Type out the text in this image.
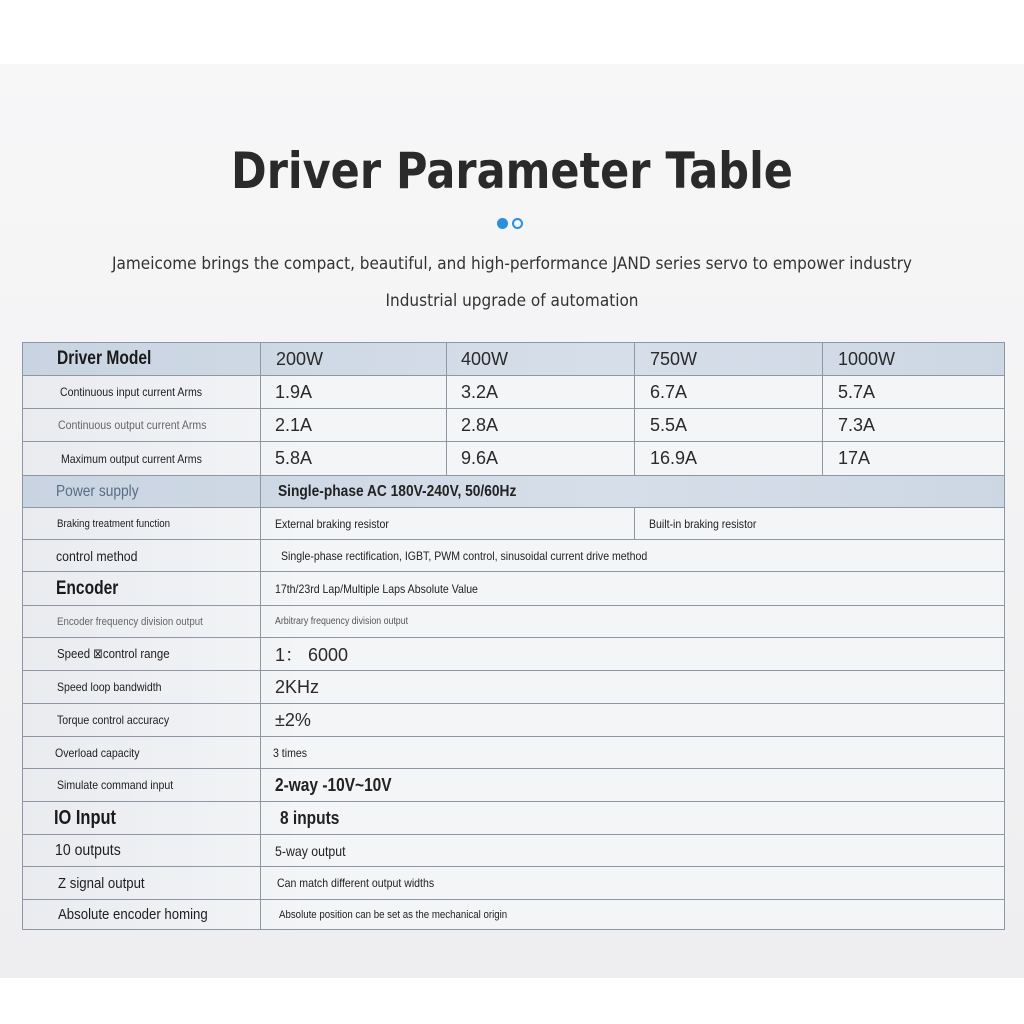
Driver Parameter Table
Jameicome brings the compact, beautiful, and high-performance JAND series servo to empower industry
Industrial upgrade of automation
Driver Model	200W	400W	750W	1000W
Continuous input current Arms	1.9A	3.2A	6.7A	5.7A
Continuous output current Arms	2.1A	2.8A	5.5A	7.3A
Maximum output current Arms	5.8A	9.6A	16.9A	17A
Power supply	Single-phase AC 180V-240V, 50/60Hz
Braking treatment function	External braking resistor	Built-in braking resistor
control method	Single-phase rectification, IGBT, PWM control, sinusoidal current drive method
Encoder	17th/23rd Lap/Multiple Laps Absolute Value
Encoder frequency division output	Arbitrary frequency division output
Speed ⊠control range	1： 6000
Speed loop bandwidth	2KHz
Torque control accuracy	±2%
Overload capacity	3 times
Simulate command input	2-way -10V~10V
IO Input	8 inputs
10 outputs	5-way output
Z signal output	Can match different output widths
Absolute encoder homing	Absolute position can be set as the mechanical origin
